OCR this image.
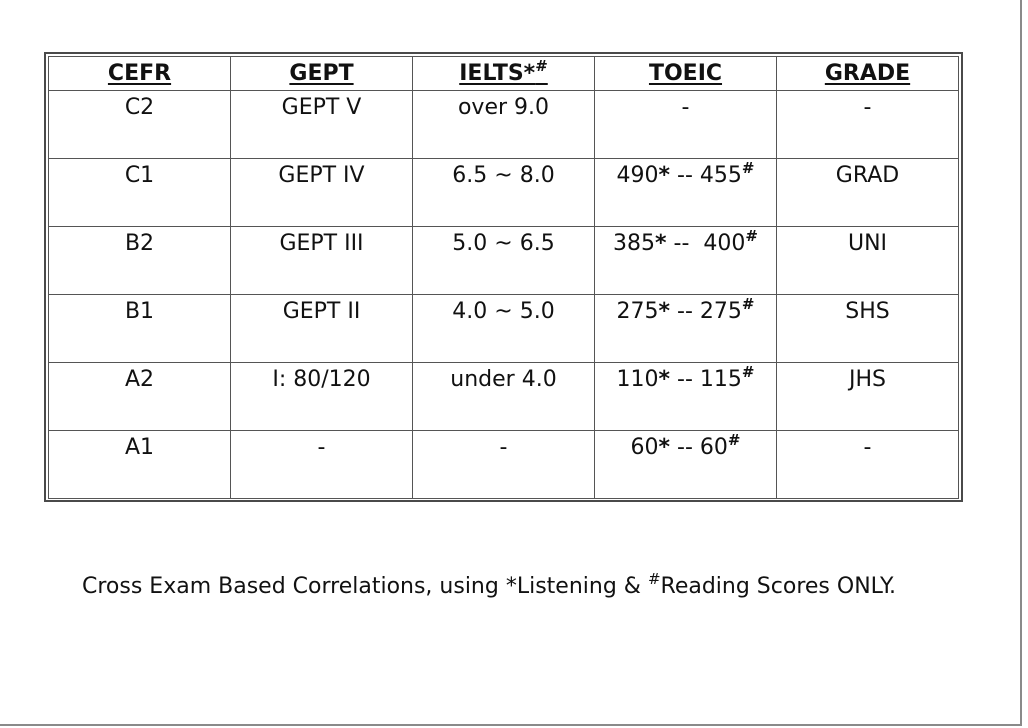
CEFR	GEPT	IELTS*#	TOEIC	GRADE
C2	GEPT V	over 9.0	-	-
C1	GEPT IV	6.5 ~ 8.0	490* -- 455#	GRAD
B2	GEPT III	5.0 ~ 6.5	385* --  400#	UNI
B1	GEPT II	4.0 ~ 5.0	275* -- 275#	SHS
A2	I: 80/120	under 4.0	110* -- 115#	JHS
A1	-	-	60* -- 60#	-
Cross Exam Based Correlations, using *Listening & #Reading Scores ONLY.
